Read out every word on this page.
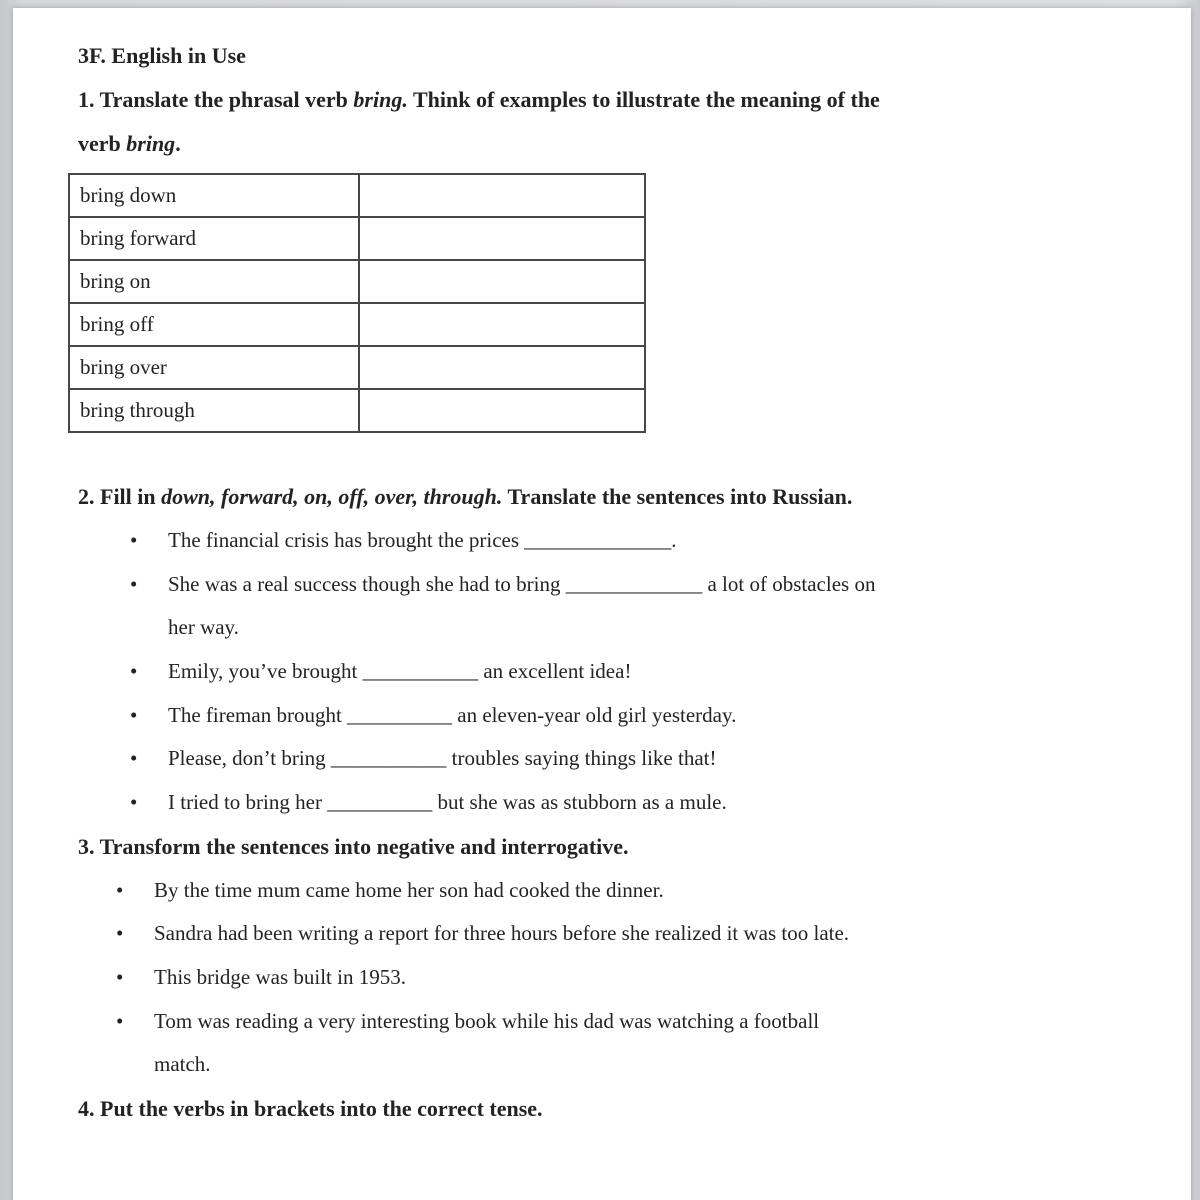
3F. English in Use

1. Translate the phrasal verb bring. Think of examples to illustrate the meaning of the verb bring.

bring down	
bring forward	
bring on	
bring off	
bring over	
bring through	

2. Fill in down, forward, on, off, over, through. Translate the sentences into Russian.

• The financial crisis has brought the prices ______________.
• She was a real success though she had to bring _____________ a lot of obstacles on her way.
• Emily, you’ve brought ___________ an excellent idea!
• The fireman brought __________ an eleven-year old girl yesterday.
• Please, don’t bring ___________ troubles saying things like that!
• I tried to bring her __________ but she was as stubborn as a mule.

3. Transform the sentences into negative and interrogative.

• By the time mum came home her son had cooked the dinner.
• Sandra had been writing a report for three hours before she realized it was too late.
• This bridge was built in 1953.
• Tom was reading a very interesting book while his dad was watching a football match.

4. Put the verbs in brackets into the correct tense.
